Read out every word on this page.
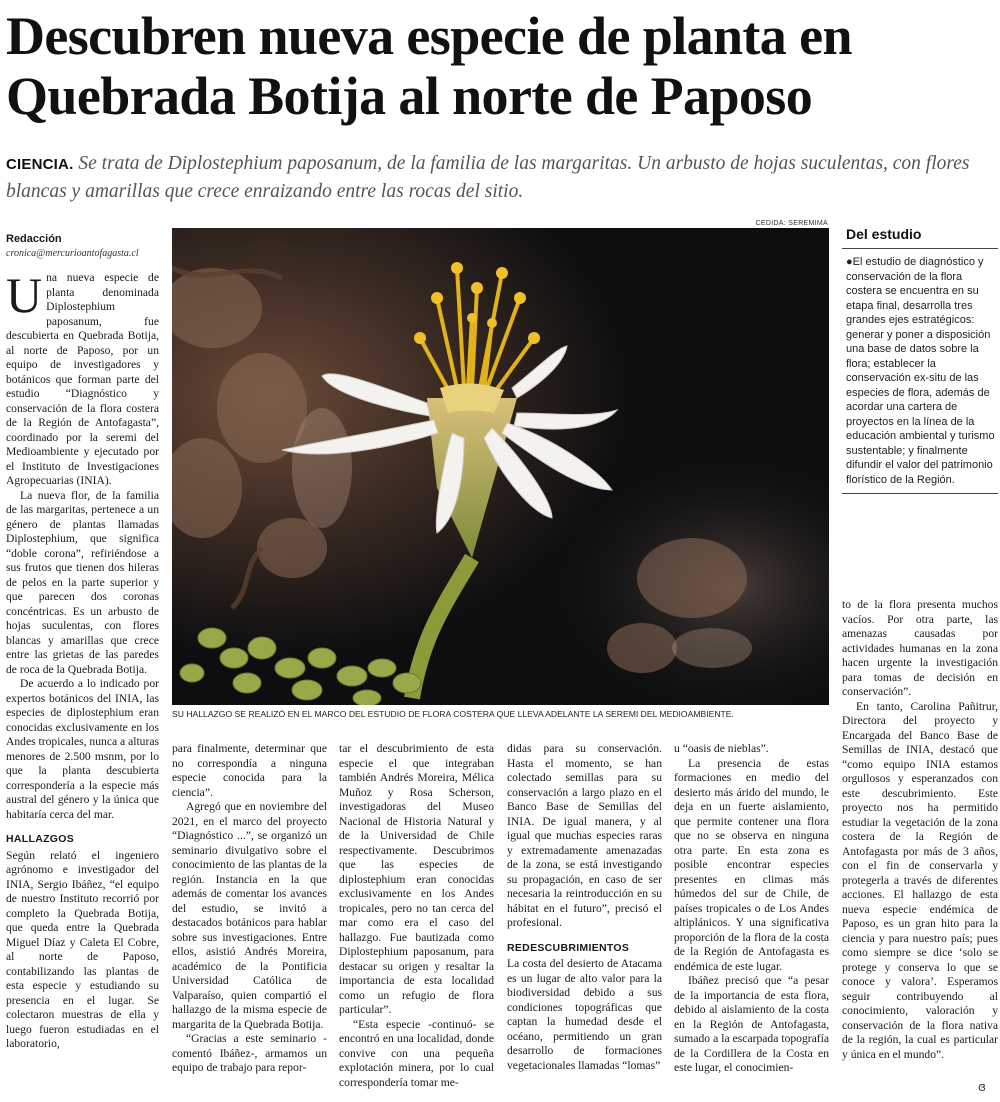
Descubren nueva especie de planta en Quebrada Botija al norte de Paposo
CIENCIA. Se trata de Diplostephium paposanum, de la familia de las margaritas. Un arbusto de hojas suculentas, con flores blancas y amarillas que crece enraizando entre las rocas del sitio.
CEDIDA: SEREMIMA
SU HALLAZGO SE REALIZÓ EN EL MARCO DEL ESTUDIO DE FLORA COSTERA QUE LLEVA ADELANTE LA SEREMI DEL MEDIOAMBIENTE.
Redacción
cronica@mercurioantofagasta.cl

Una nueva especie de planta denominada Diplostephium paposanum, fue descubierta en Quebrada Botija, al norte de Paposo, por un equipo de investigadores y botánicos que forman parte del estudio “Diagnóstico y conservación de la flora costera de la Región de Antofagasta”, coordinado por la seremi del Medioambiente y ejecutado por el Instituto de Investigaciones Agropecuarias (INIA).

La nueva flor, de la familia de las margaritas, pertenece a un género de plantas llamadas Diplostephium, que significa “doble corona”, refiriéndose a sus frutos que tienen dos hileras de pelos en la parte superior y que parecen dos coronas concéntricas. Es un arbusto de hojas suculentas, con flores blancas y amarillas que crece entre las grietas de las paredes de roca de la Quebrada Botija.

De acuerdo a lo indicado por expertos botánicos del INIA, las especies de diplostephium eran conocidas exclusivamente en los Andes tropicales, nunca a alturas menores de 2.500 msnm, por lo que la planta descubierta correspondería a la especie más austral del género y la única que habitaría cerca del mar.

HALLAZGOS

Según relató el ingeniero agrónomo e investigador del INIA, Sergio Ibáñez, “el equipo de nuestro Instituto recorrió por completo la Quebrada Botija, que queda entre la Quebrada Miguel Díaz y Caleta El Cobre, al norte de Paposo, contabilizando las plantas de esta especie y estudiando su presencia en el lugar. Se colectaron muestras de ella y luego fueron estudiadas en el laboratorio,

para finalmente, determinar que no correspondía a ninguna especie conocida para la ciencia”.

Agregó que en noviembre del 2021, en el marco del proyecto “Diagnóstico ...”, se organizó un seminario divulgativo sobre el conocimiento de las plantas de la región. Instancia en la que además de comentar los avances del estudio, se invitó a destacados botánicos para hablar sobre sus investigaciones. Entre ellos, asistió Andrés Moreira, académico de la Pontificia Universidad Católica de Valparaíso, quien compartió el hallazgo de la misma especie de margarita de la Quebrada Botija.

“Gracias a este seminario -comentó Ibáñez-, armamos un equipo de trabajo para repor-

tar el descubrimiento de esta especie el que integraban también Andrés Moreira, Mélica Muñoz y Rosa Scherson, investigadoras del Museo Nacional de Historia Natural y de la Universidad de Chile respectivamente. Descubrimos que las especies de diplostephium eran conocidas exclusivamente en los Andes tropicales, pero no tan cerca del mar como era el caso del hallazgo. Fue bautizada como Diplostephium paposanum, para destacar su origen y resaltar la importancia de esta localidad como un refugio de flora particular”.

“Esta especie -continuó- se encontró en una localidad, donde convive con una pequeña explotación minera, por lo cual correspondería tomar me-

didas para su conservación. Hasta el momento, se han colectado semillas para su conservación a largo plazo en el Banco Base de Semillas del INIA. De igual manera, y al igual que muchas especies raras y extremadamente amenazadas de la zona, se está investigando su propagación, en caso de ser necesaria la reintroducción en su hábitat en el futuro”, precisó el profesional.

REDESCUBRIMIENTOS

La costa del desierto de Atacama es un lugar de alto valor para la biodiversidad debido a sus condiciones topográficas que captan la humedad desde el océano, permitiendo un gran desarrollo de formaciones vegetacionales llamadas “lomas”

u “oasis de nieblas”.

La presencia de estas formaciones en medio del desierto más árido del mundo, le deja en un fuerte aislamiento, que permite contener una flora que no se observa en ninguna otra parte. En esta zona es posible encontrar especies presentes en climas más húmedos del sur de Chile, de países tropicales o de Los Andes altiplánicos. Y una significativa proporción de la flora de la costa de la Región de Antofagasta es endémica de este lugar.

Ibáñez precisó que “a pesar de la importancia de esta flora, debido al aislamiento de la costa en la Región de Antofagasta, sumado a la escarpada topografía de la Cordillera de la Costa en este lugar, el conocimien-

Del estudio
●El estudio de diagnóstico y conservación de la flora costera se encuentra en su etapa final, desarrolla tres grandes ejes estratégicos: generar y poner a disposición una base de datos sobre la flora; establecer la conservación ex-situ de las especies de flora, además de acordar una cartera de proyectos en la línea de la educación ambiental y turismo sustentable; y finalmente difundir el valor del patrimonio florístico de la Región.

to de la flora presenta muchos vacíos. Por otra parte, las amenazas causadas por actividades humanas en la zona hacen urgente la investigación para tomas de decisión en conservación”.

En tanto, Carolina Pañitrur, Directora del proyecto y Encargada del Banco Base de Semillas de INIA, destacó que “como equipo INIA estamos orgullosos y esperanzados con este descubrimiento. Este proyecto nos ha permitido estudiar la vegetación de la zona costera de la Región de Antofagasta por más de 3 años, con el fin de conservarla y protegerla a través de diferentes acciones. El hallazgo de esta nueva especie endémica de Paposo, es un gran hito para la ciencia y para nuestro país; pues como siempre se dice ‘solo se protege y conserva lo que se conoce y valora’. Esperamos seguir contribuyendo al conocimiento, valoración y conservación de la flora nativa de la región, la cual es particular y única en el mundo”.

ɞ
